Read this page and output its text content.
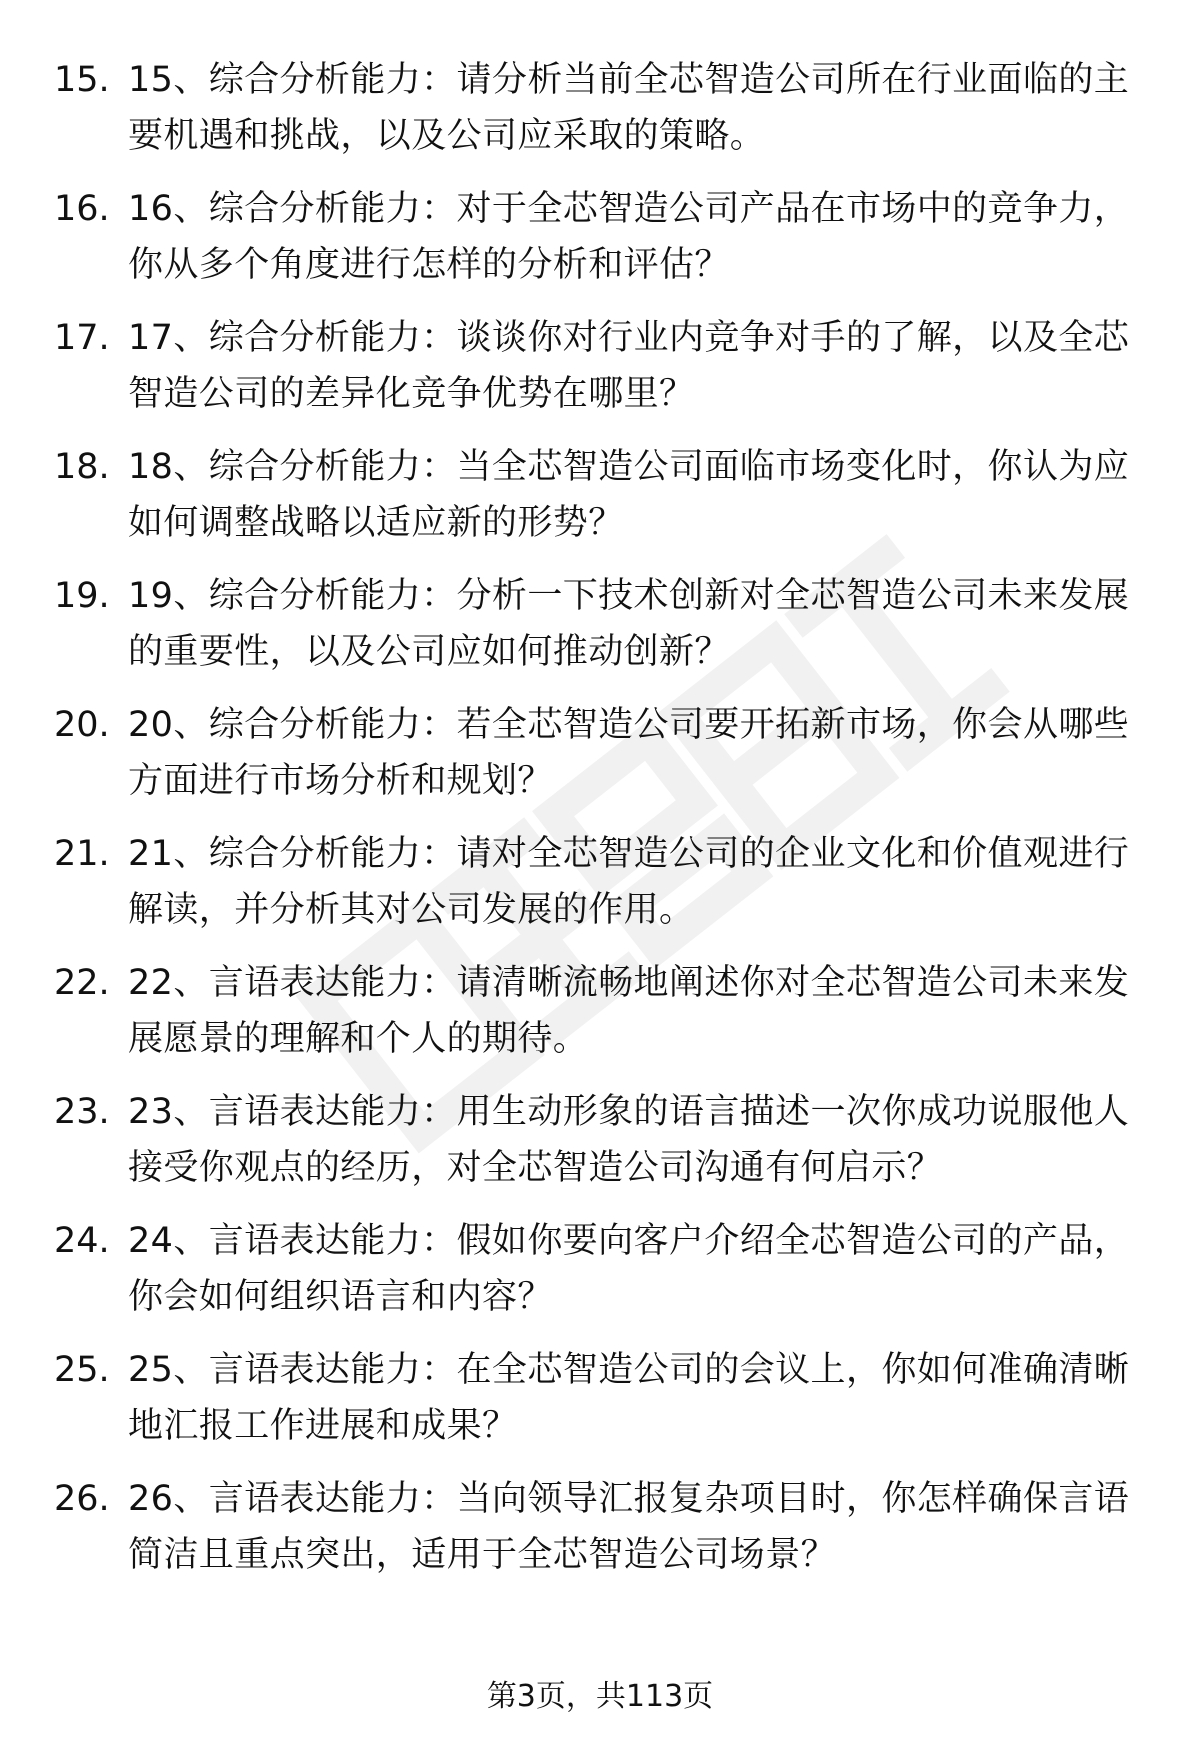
15. 15、综合分析能力：请分析当前全芯智造公司所在行业面临的主要机遇和挑战，以及公司应采取的策略。
16. 16、综合分析能力：对于全芯智造公司产品在市场中的竞争力，你从多个角度进行怎样的分析和评估？
17. 17、综合分析能力：谈谈你对行业内竞争对手的了解，以及全芯智造公司的差异化竞争优势在哪里？
18. 18、综合分析能力：当全芯智造公司面临市场变化时，你认为应如何调整战略以适应新的形势？
19. 19、综合分析能力：分析一下技术创新对全芯智造公司未来发展的重要性，以及公司应如何推动创新？
20. 20、综合分析能力：若全芯智造公司要开拓新市场，你会从哪些方面进行市场分析和规划？
21. 21、综合分析能力：请对全芯智造公司的企业文化和价值观进行解读，并分析其对公司发展的作用。
22. 22、言语表达能力：请清晰流畅地阐述你对全芯智造公司未来发展愿景的理解和个人的期待。
23. 23、言语表达能力：用生动形象的语言描述一次你成功说服他人接受你观点的经历，对全芯智造公司沟通有何启示？
24. 24、言语表达能力：假如你要向客户介绍全芯智造公司的产品，你会如何组织语言和内容？
25. 25、言语表达能力：在全芯智造公司的会议上，你如何准确清晰地汇报工作进展和成果？
26. 26、言语表达能力：当向领导汇报复杂项目时，你怎样确保言语简洁且重点突出，适用于全芯智造公司场景？
第3页，共113页
